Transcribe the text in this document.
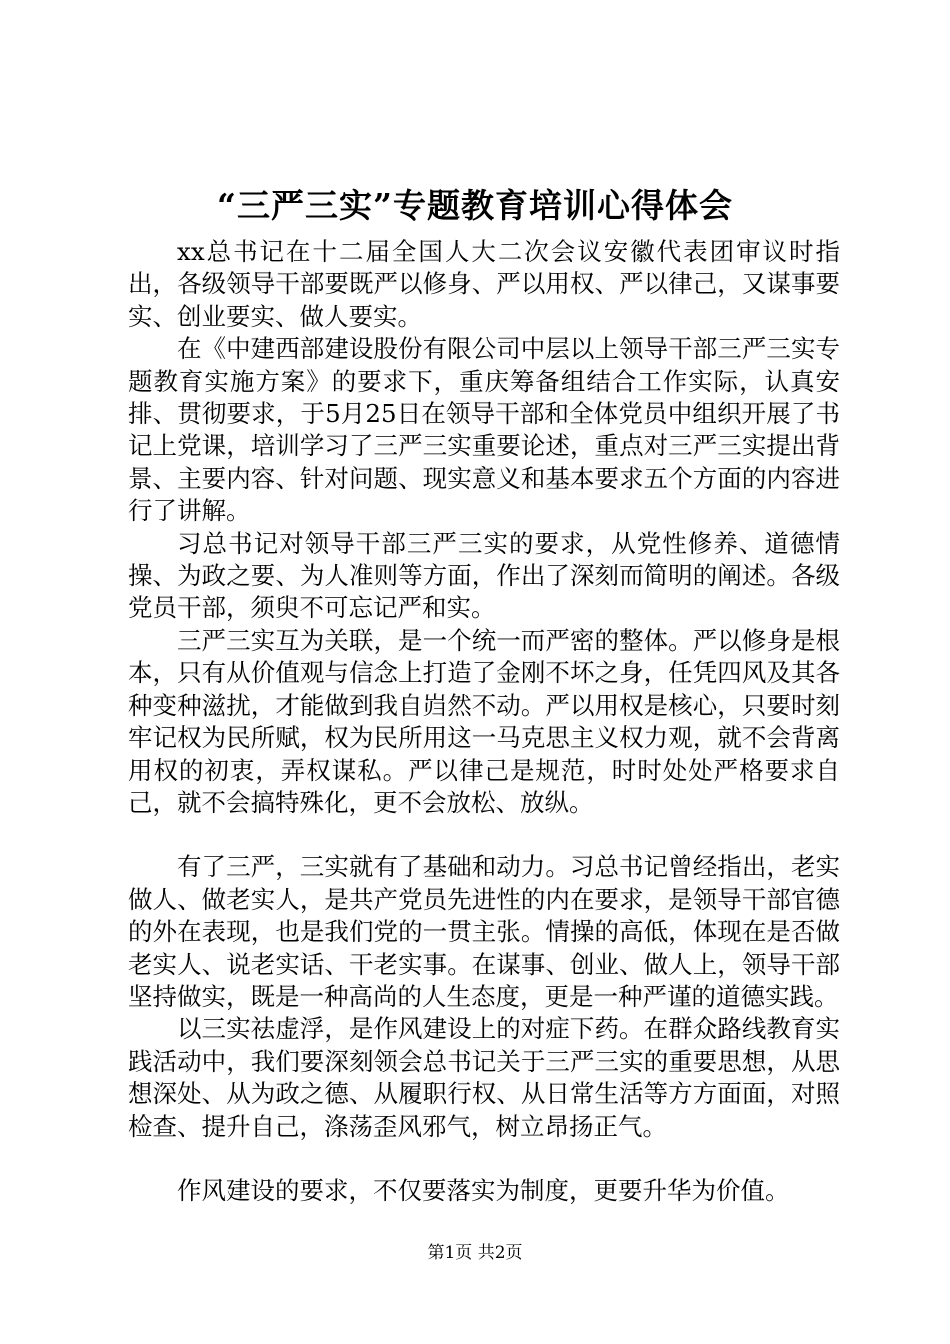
“三严三实”专题教育培训心得体会

xx总书记在十二届全国人大二次会议安徽代表团审议时指出，各级领导干部要既严以修身、严以用权、严以律己，又谋事要实、创业要实、做人要实。

在《中建西部建设股份有限公司中层以上领导干部三严三实专题教育实施方案》的要求下，重庆筹备组结合工作实际，认真安排、贯彻要求，于5月25日在领导干部和全体党员中组织开展了书记上党课，培训学习了三严三实重要论述，重点对三严三实提出背景、主要内容、针对问题、现实意义和基本要求五个方面的内容进行了讲解。

习总书记对领导干部三严三实的要求，从党性修养、道德情操、为政之要、为人准则等方面，作出了深刻而简明的阐述。各级党员干部，须臾不可忘记严和实。

三严三实互为关联，是一个统一而严密的整体。严以修身是根本，只有从价值观与信念上打造了金刚不坏之身，任凭四风及其各种变种滋扰，才能做到我自岿然不动。严以用权是核心，只要时刻牢记权为民所赋，权为民所用这一马克思主义权力观，就不会背离用权的初衷，弄权谋私。严以律己是规范，时时处处严格要求自己，就不会搞特殊化，更不会放松、放纵。

有了三严，三实就有了基础和动力。习总书记曾经指出，老实做人、做老实人，是共产党员先进性的内在要求，是领导干部官德的外在表现，也是我们党的一贯主张。情操的高低，体现在是否做老实人、说老实话、干老实事。在谋事、创业、做人上，领导干部坚持做实，既是一种高尚的人生态度，更是一种严谨的道德实践。

以三实祛虚浮，是作风建设上的对症下药。在群众路线教育实践活动中，我们要深刻领会总书记关于三严三实的重要思想，从思想深处、从为政之德、从履职行权、从日常生活等方方面面，对照检查、提升自己，涤荡歪风邪气，树立昂扬正气。

作风建设的要求，不仅要落实为制度，更要升华为价值。

第1页 共2页
